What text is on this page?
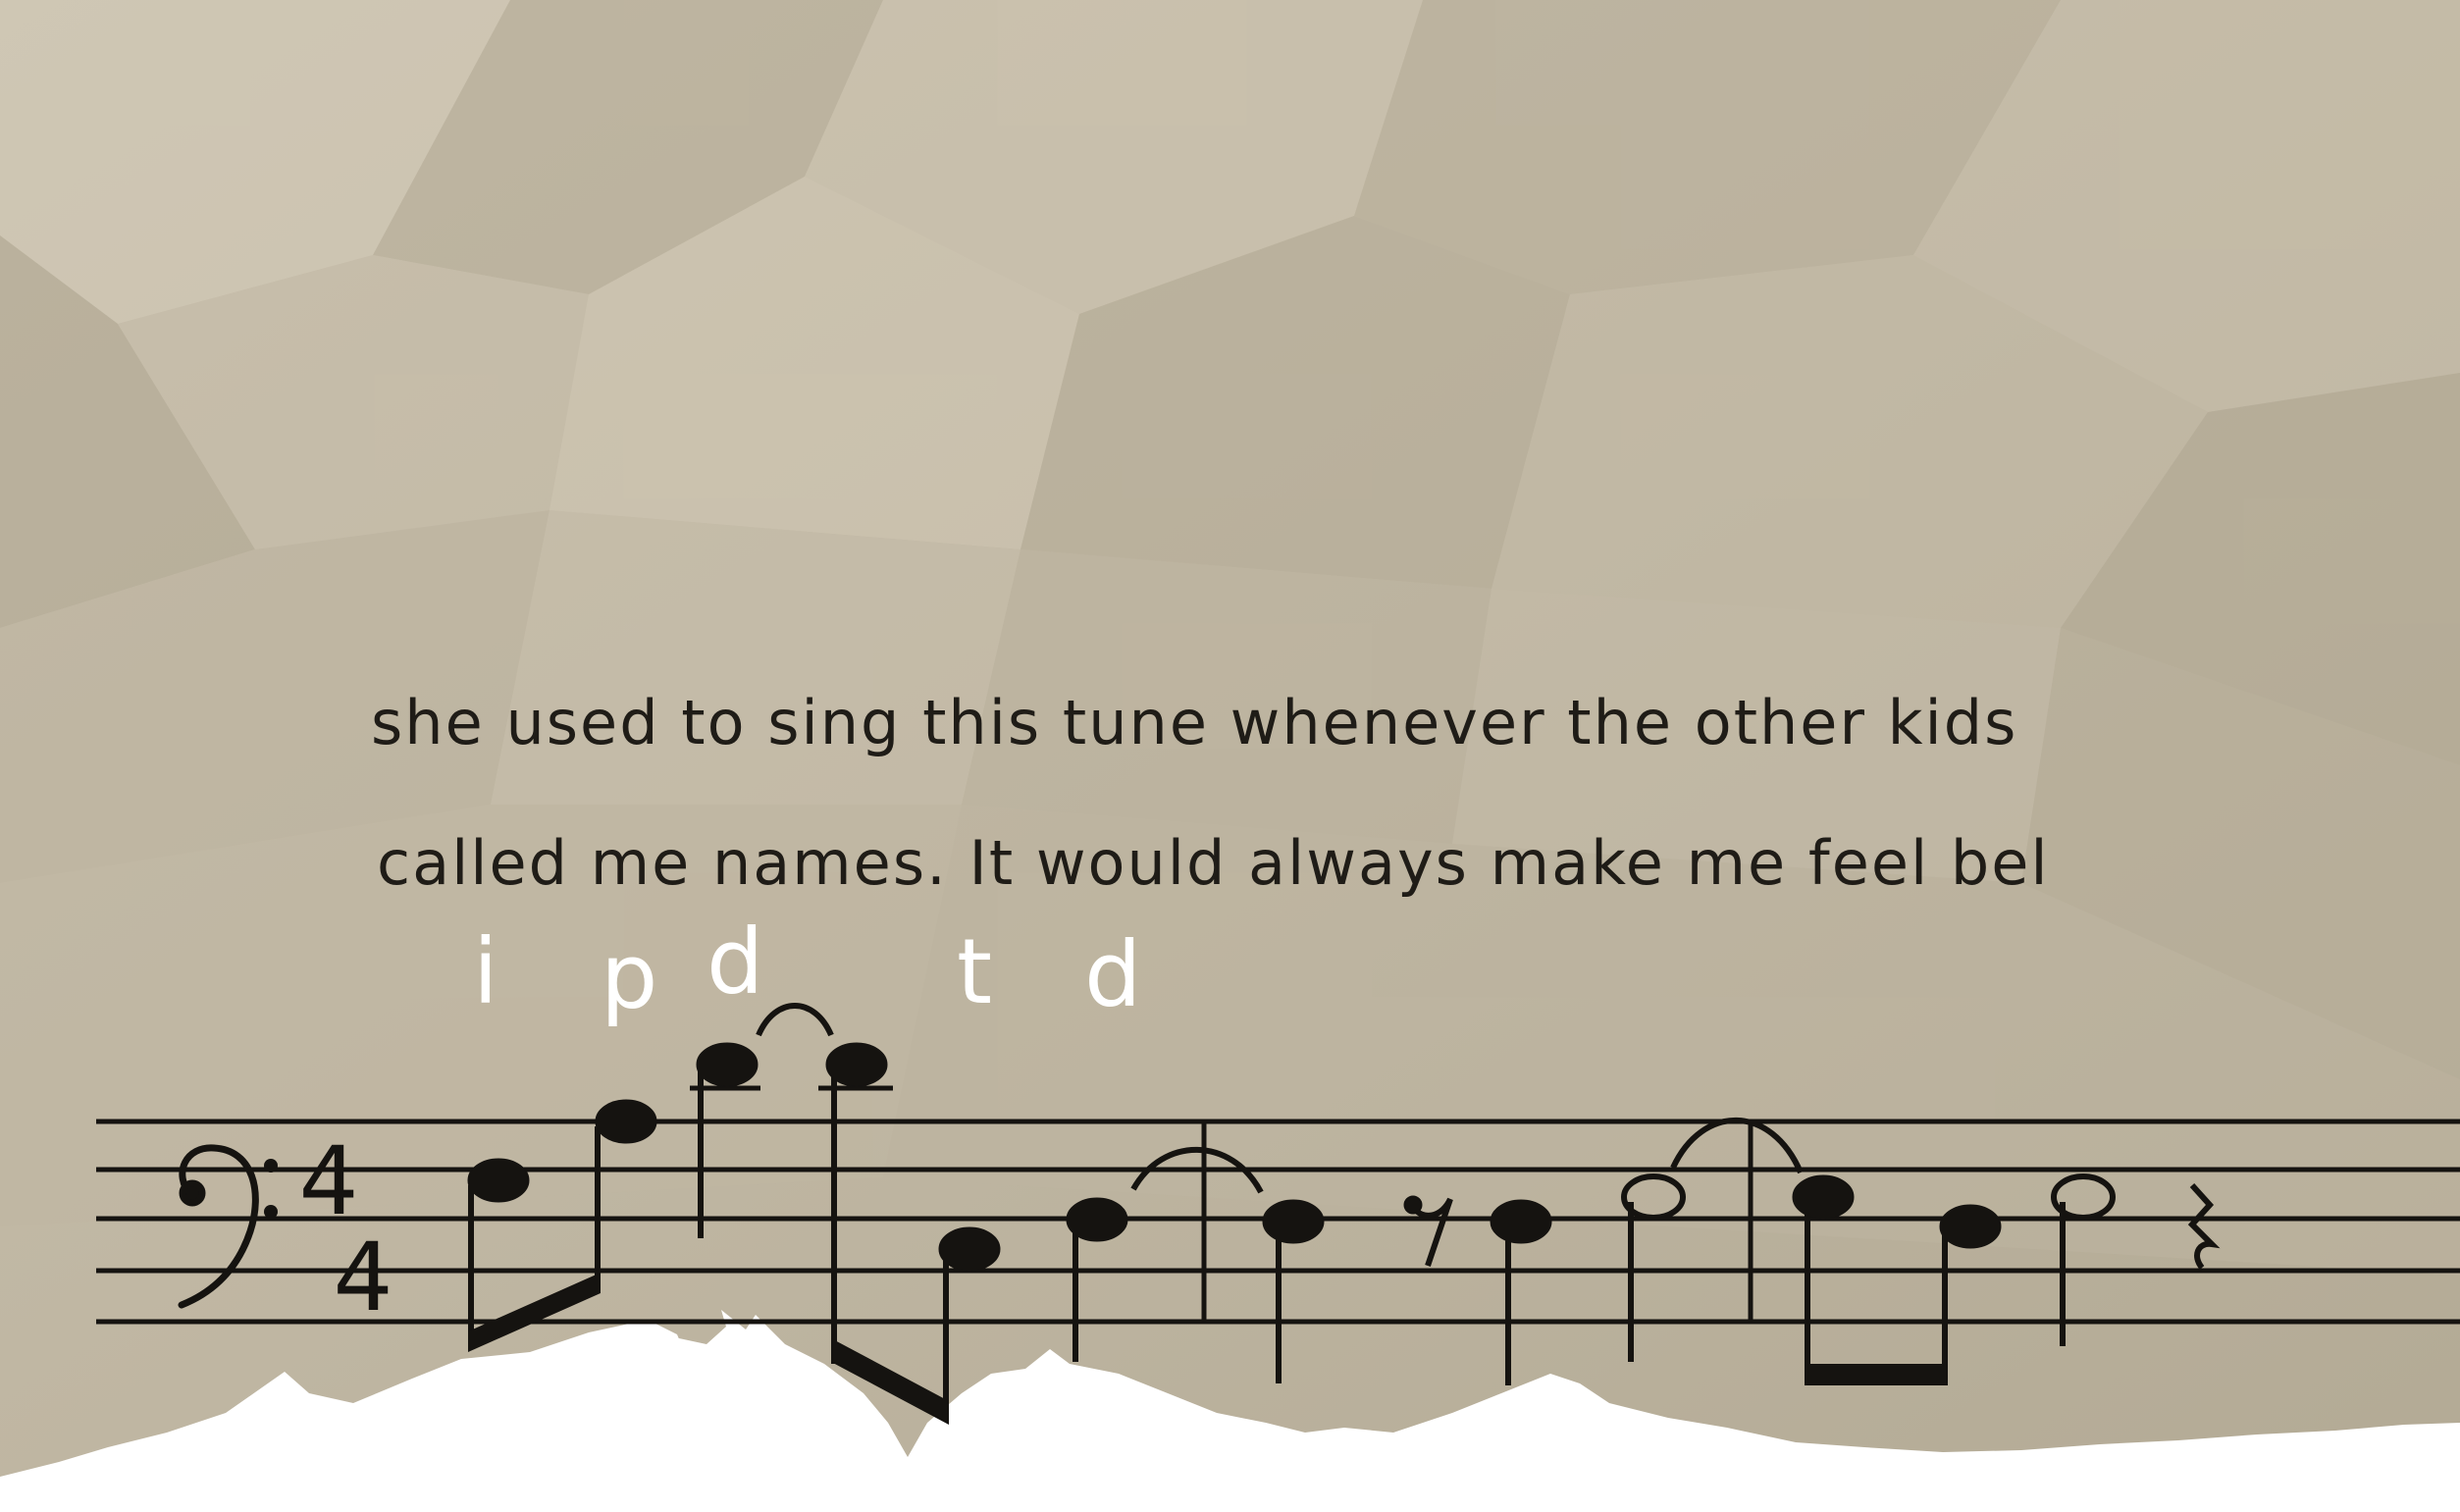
4
4

she used to sing this tune whenever the other kids

called me names. It would always make me feel bel

i p d t d
